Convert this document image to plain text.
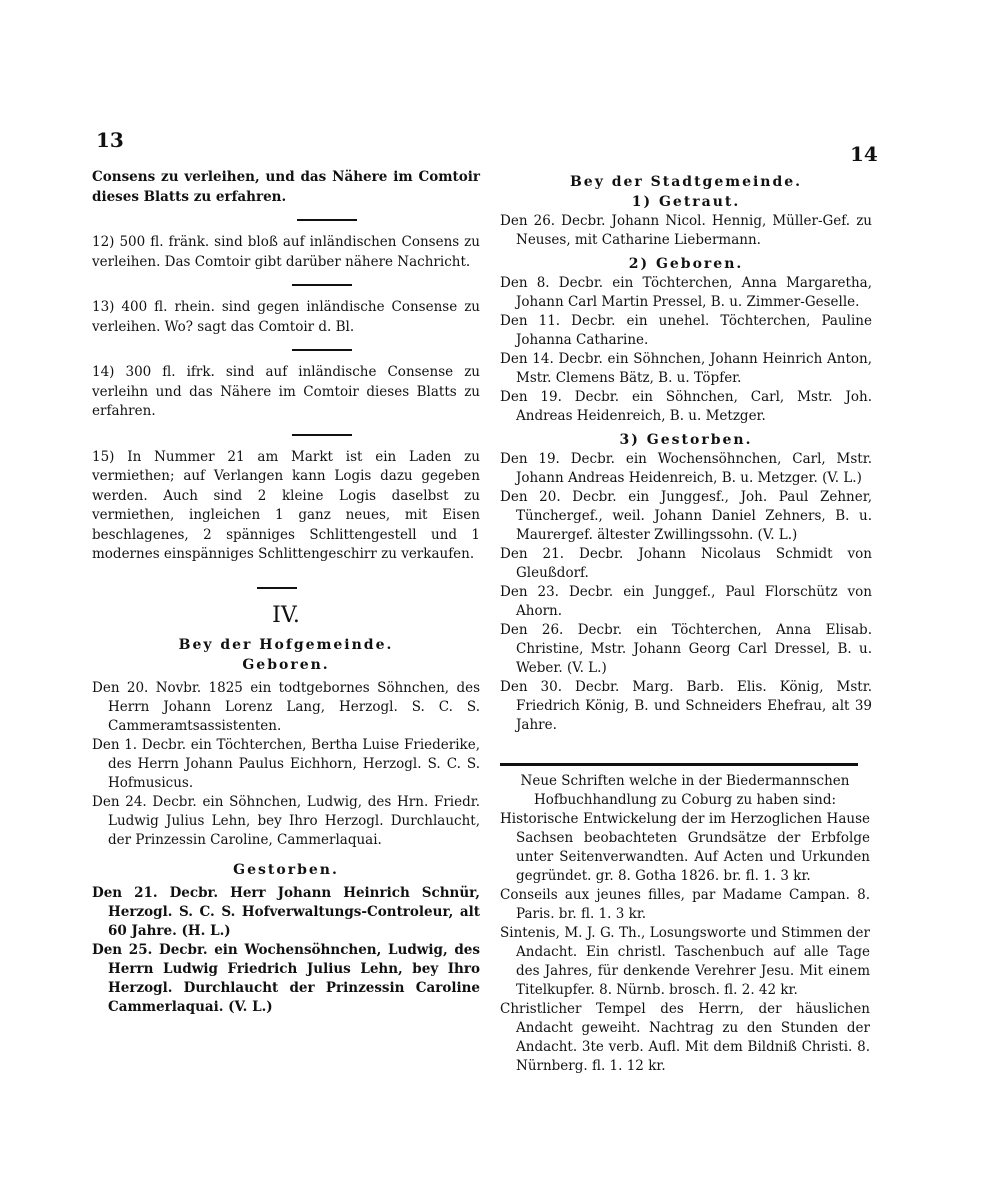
13
14

Consens zu verleihen, und das Nähere im Comtoir dieses Blatts zu erfahren.

12) 500 fl. fränk. sind bloß auf inländischen Consens zu verleihen. Das Comtoir gibt darüber nähere Nachricht.

13) 400 fl. rhein. sind gegen inländische Consense zu verleihen. Wo? sagt das Comtoir d. Bl.

14) 300 fl. ifrk. sind auf inländische Consense zu verleihn und das Nähere im Comtoir dieses Blatts zu erfahren.

15) In Nummer 21 am Markt ist ein Laden zu vermiethen; auf Verlangen kann Logis dazu gegeben werden. Auch sind 2 kleine Logis daselbst zu vermiethen, ingleichen 1 ganz neues, mit Eisen beschlagenes, 2 spänniges Schlittengestell und 1 modernes einspänniges Schlittengeschirr zu verkaufen.

IV.

Bey der Hofgemeinde.

Geboren.

Den 20. Novbr. 1825 ein todtgebornes Söhnchen, des Herrn Johann Lorenz Lang, Herzogl. S. C. S. Cammeramtsassistenten.

Den 1. Decbr. ein Töchterchen, Bertha Luise Friederike, des Herrn Johann Paulus Eichhorn, Herzogl. S. C. S. Hofmusicus.

Den 24. Decbr. ein Söhnchen, Ludwig, des Hrn. Friedr. Ludwig Julius Lehn, bey Ihro Herzogl. Durchlaucht, der Prinzessin Caroline, Cammerlaquai.

Gestorben.

Den 21. Decbr. Herr Johann Heinrich Schnür, Herzogl. S. C. S. Hofverwaltungs-Controleur, alt 60 Jahre. (H. L.)

Den 25. Decbr. ein Wochensöhnchen, Ludwig, des Herrn Ludwig Friedrich Julius Lehn, bey Ihro Herzogl. Durchlaucht der Prinzessin Caroline Cammerlaquai. (V. L.)

Bey der Stadtgemeinde.

1) Getraut.

Den 26. Decbr. Johann Nicol. Hennig, Müller-Gef. zu Neuses, mit Catharine Liebermann.

2) Geboren.

Den 8. Decbr. ein Töchterchen, Anna Margaretha, Johann Carl Martin Pressel, B. u. Zimmer-Geselle.

Den 11. Decbr. ein unehel. Töchterchen, Pauline Johanna Catharine.

Den 14. Decbr. ein Söhnchen, Johann Heinrich Anton, Mstr. Clemens Bätz, B. u. Töpfer.

Den 19. Decbr. ein Söhnchen, Carl, Mstr. Joh. Andreas Heidenreich, B. u. Metzger.

3) Gestorben.

Den 19. Decbr. ein Wochensöhnchen, Carl, Mstr. Johann Andreas Heidenreich, B. u. Metzger. (V. L.)

Den 20. Decbr. ein Junggesf., Joh. Paul Zehner, Tünchergef., weil. Johann Daniel Zehners, B. u. Maurergef. ältester Zwillingssohn. (V. L.)

Den 21. Decbr. Johann Nicolaus Schmidt von Gleußdorf.

Den 23. Decbr. ein Junggef., Paul Florschütz von Ahorn.

Den 26. Decbr. ein Töchterchen, Anna Elisab. Christine, Mstr. Johann Georg Carl Dressel, B. u. Weber. (V. L.)

Den 30. Decbr. Marg. Barb. Elis. König, Mstr. Friedrich König, B. und Schneiders Ehefrau, alt 39 Jahre.

Neue Schriften welche in der Biedermannschen Hofbuchhandlung zu Coburg zu haben sind:

Historische Entwickelung der im Herzoglichen Hause Sachsen beobachteten Grundsätze der Erbfolge unter Seitenverwandten. Auf Acten und Urkunden gegründet. gr. 8. Gotha 1826. br. fl. 1. 3 kr.

Conseils aux jeunes filles, par Madame Campan. 8. Paris. br. fl. 1. 3 kr.

Sintenis, M. J. G. Th., Losungsworte und Stimmen der Andacht. Ein christl. Taschenbuch auf alle Tage des Jahres, für denkende Verehrer Jesu. Mit einem Titelkupfer. 8. Nürnb. brosch. fl. 2. 42 kr.

Christlicher Tempel des Herrn, der häuslichen Andacht geweiht. Nachtrag zu den Stunden der Andacht. 3te verb. Aufl. Mit dem Bildniß Christi. 8. Nürnberg. fl. 1. 12 kr.
